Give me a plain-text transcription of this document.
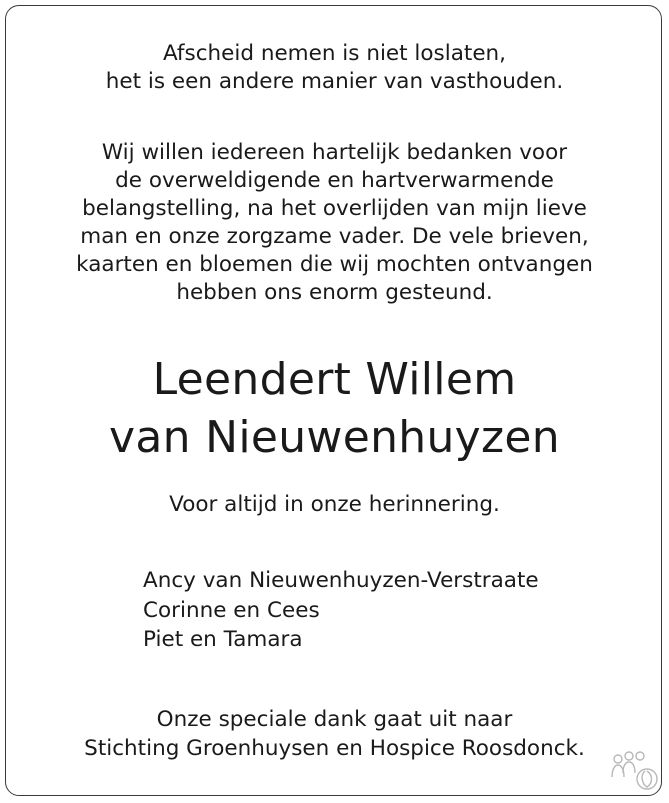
Afscheid nemen is niet loslaten,
het is een andere manier van vasthouden.
Wij willen iedereen hartelijk bedanken voor
de overweldigende en hartverwarmende
belangstelling, na het overlijden van mijn lieve
man en onze zorgzame vader. De vele brieven,
kaarten en bloemen die wij mochten ontvangen
hebben ons enorm gesteund.
Leendert Willem
van Nieuwenhuyzen
Voor altijd in onze herinnering.
Ancy van Nieuwenhuyzen-Verstraate
Corinne en Cees
Piet en Tamara
Onze speciale dank gaat uit naar
Stichting Groenhuysen en Hospice Roosdonck.
